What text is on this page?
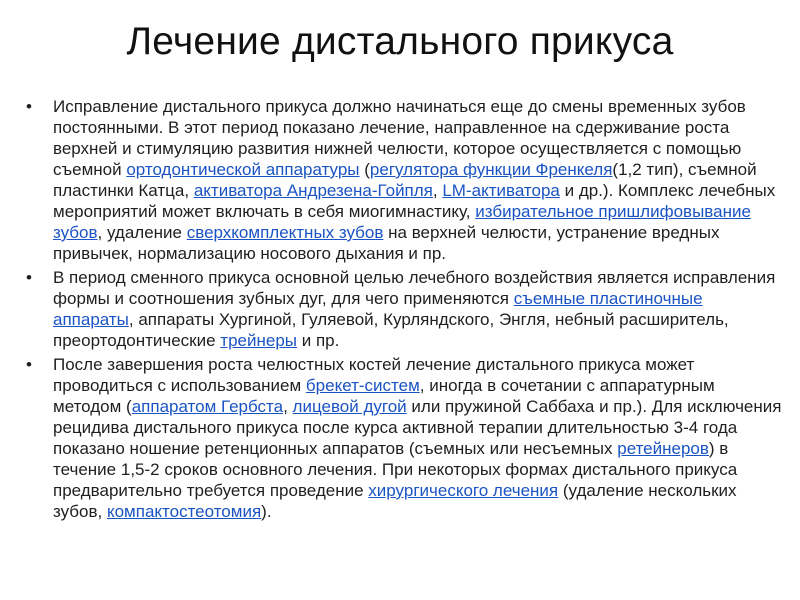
Лечение дистального прикуса
• Исправление дистального прикуса должно начинаться еще до смены временных зубов постоянными. В этот период показано лечение, направленное на сдерживание роста верхней и стимуляцию развития нижней челюсти, которое осуществляется с помощью съемной ортодонтической аппаратуры (регулятора функции Френкеля(1,2 тип), съемной пластинки Катца, активатора Андрезена-Гойпля, LM-активатора и др.). Комплекс лечебных мероприятий может включать в себя миогимнастику, избирательное пришлифовывание зубов, удаление сверхкомплектных зубов на верхней челюсти, устранение вредных привычек, нормализацию носового дыхания и пр.
• В период сменного прикуса основной целью лечебного воздействия является исправления формы и соотношения зубных дуг, для чего применяются съемные пластиночные аппараты, аппараты Хургиной, Гуляевой, Курляндского, Энгля, небный расширитель, преортодонтические трейнеры и пр.
• После завершения роста челюстных костей лечение дистального прикуса может проводиться с использованием брекет-систем, иногда в сочетании с аппаратурным методом (аппаратом Гербста, лицевой дугой или пружиной Саббаха и пр.). Для исключения рецидива дистального прикуса после курса активной терапии длительностью 3-4 года показано ношение ретенционных аппаратов (съемных или несъемных ретейнеров) в течение 1,5-2 сроков основного лечения. При некоторых формах дистального прикуса предварительно требуется проведение хирургического лечения (удаление нескольких зубов, компактостеотомия).
